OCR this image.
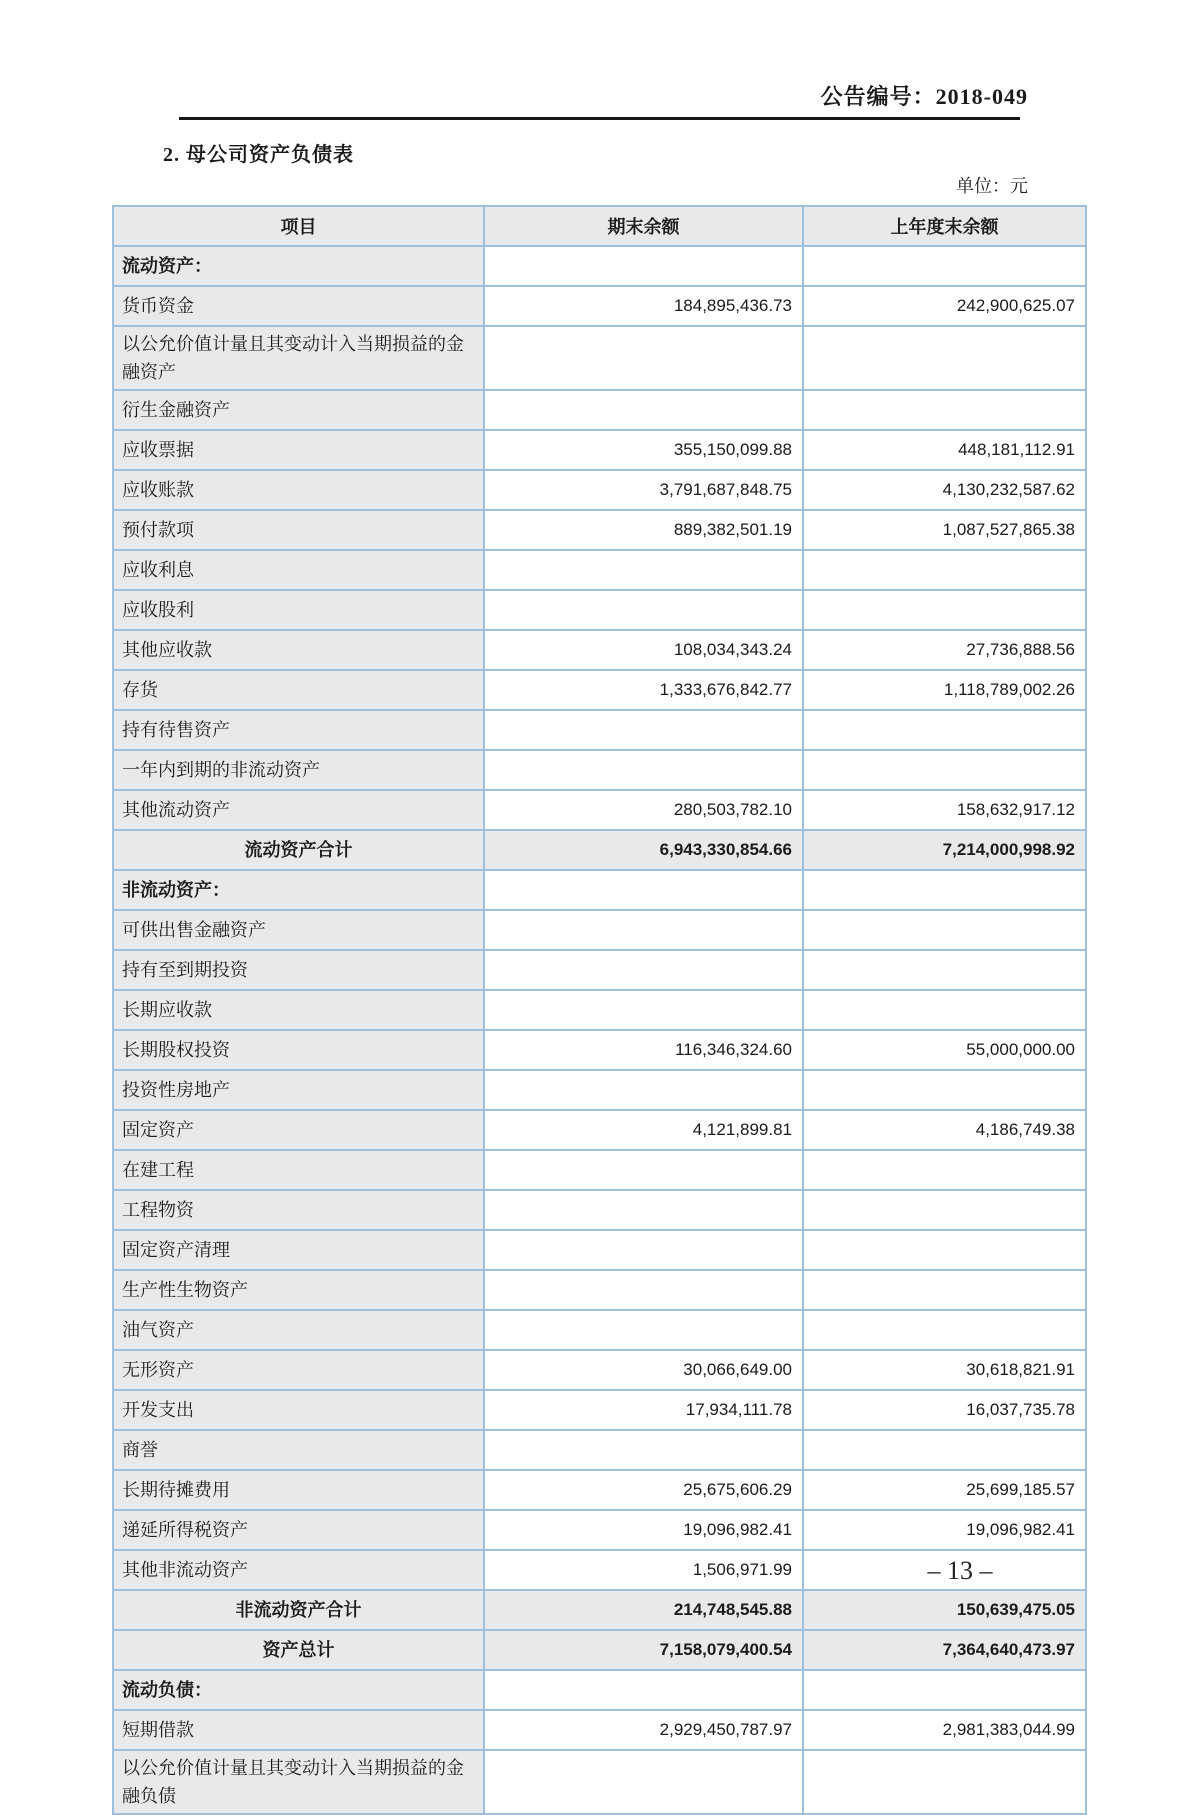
公告编号：2018-049
2. 母公司资产负债表
单位：元
项目	期末余额	上年度末余额
流动资产：		
货币资金	184,895,436.73	242,900,625.07
以公允价值计量且其变动计入当期损益的金融资产		
衍生金融资产		
应收票据	355,150,099.88	448,181,112.91
应收账款	3,791,687,848.75	4,130,232,587.62
预付款项	889,382,501.19	1,087,527,865.38
应收利息		
应收股利		
其他应收款	108,034,343.24	27,736,888.56
存货	1,333,676,842.77	1,118,789,002.26
持有待售资产		
一年内到期的非流动资产		
其他流动资产	280,503,782.10	158,632,917.12
流动资产合计	6,943,330,854.66	7,214,000,998.92
非流动资产：		
可供出售金融资产		
持有至到期投资		
长期应收款		
长期股权投资	116,346,324.60	55,000,000.00
投资性房地产		
固定资产	4,121,899.81	4,186,749.38
在建工程		
工程物资		
固定资产清理		
生产性生物资产		
油气资产		
无形资产	30,066,649.00	30,618,821.91
开发支出	17,934,111.78	16,037,735.78
商誉		
长期待摊费用	25,675,606.29	25,699,185.57
递延所得税资产	19,096,982.41	19,096,982.41
其他非流动资产	1,506,971.99	
非流动资产合计	214,748,545.88	150,639,475.05
资产总计	7,158,079,400.54	7,364,640,473.97
流动负债：		
短期借款	2,929,450,787.97	2,981,383,044.99
以公允价值计量且其变动计入当期损益的金融负债		
– 13 –
